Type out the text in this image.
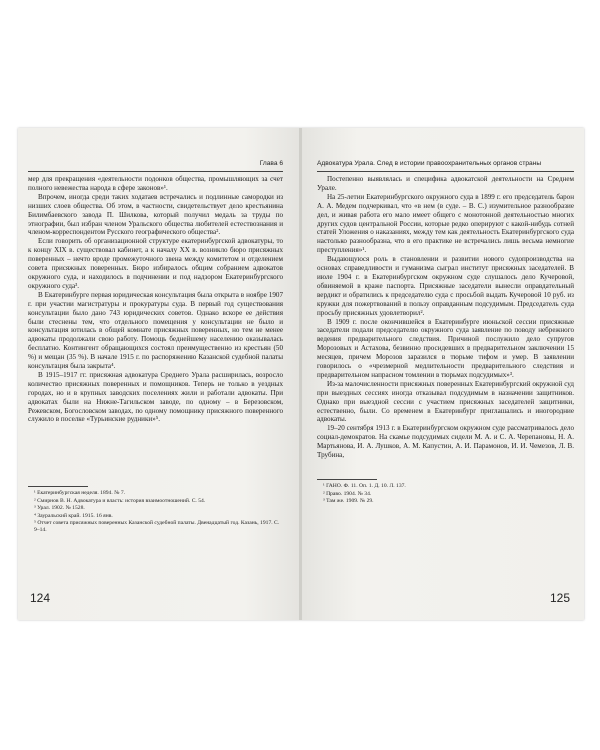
Глава 6

мер для прекращения «деятельности подонков общества, промышляющих за счет полного невежества народа в сфере законов»¹.

Впрочем, иногда среди таких ходатаев встречались и подлинные самородки из низших слоев общества. Об этом, в частности, свидетельствует дело крестьянина Билимбаевского завода П. Шилкова, который получил медаль за труды по этнографии, был избран членом Уральского общества любителей естествознания и членом-корреспондентом Русского географического общества².

Если говорить об организационной структуре екатеринбургской адвокатуры, то к концу XIX в. существовал кабинет, а к началу XX в. возникло бюро присяжных поверенных – нечто вроде промежуточного звена между комитетом и отделением совета присяжных поверенных. Бюро избиралось общим собранием адвокатов окружного суда, и находилось в подчинении и под надзором Екатеринбургского окружного суда³.

В Екатеринбурге первая юридическая консультация была открыта в ноябре 1907 г. при участии магистратуры и прокуратуры суда. В первый год существования консультации было дано 743 юридических советов. Однако вскоре ее действия были стеснены тем, что отдельного помещения у консультации не было и консультация ютилась в общей комнате присяжных поверенных, но тем не менее адвокаты продолжали свою работу. Помощь беднейшему населению оказывалась бесплатно. Контингент обращающихся состоял преимущественно из крестьян (50 %) и мещан (35 %). В начале 1915 г. по распоряжению Казанской судебной палаты консультация была закрыта⁴.

В 1915–1917 гг. присяжная адвокатура Среднего Урала расширилась, возросло количество присяжных поверенных и помощников. Теперь не только в уездных городах, но и в крупных заводских поселениях жили и работали адвокаты. При адвокатах были на Нижне-Тагильском заводе, по одному – в Березовском, Режевском, Богословском заводах, по одному помощнику присяжного поверенного служило в поселке «Турьинские рудники»⁵.

¹ Екатеринбургская неделя. 1894. № 7.

² Смирнов В. Н. Адвокатура и власть: история взаимоотношений. С. 54.

³ Урал. 1902. № 1528.

⁴ Зауральский край. 1915. 16 янв.

⁵ Отчет совета присяжных поверенных Казанской судебной палаты. Двенадцатый год. Казань, 1917. С. 9–14.

124
Адвокатура Урала. След в истории правоохранительных органов страны

Постепенно выявлялась и специфика адвокатской деятельности на Среднем Урале.

На 25-летии Екатеринбургского окружного суда в 1899 г. его председатель барон А. А. Медем подчеркивал, что «в нем (в суде. – В. С.) изумительное разнообразие дел, и живая работа его мало имеет общего с монотонной деятельностью многих других судов центральной России, которые редко оперируют с какой-нибудь сотней статей Уложения о наказаниях, между тем как деятельность Екатеринбургского суда настолько разнообразна, что в его практике не встречались лишь весьма немногие преступления»¹.

Выдающуюся роль в становлении и развитии нового судопроизводства на основах справедливости и гуманизма сыграл институт присяжных заседателей. В июле 1904 г. в Екатеринбургском окружном суде слушалось дело Кучеровой, обвиняемой в краже паспорта. Присяжные заседатели вынесли оправдательный вердикт и обратились к председателю суда с просьбой выдать Кучеровой 10 руб. из кружки для пожертвований в пользу оправданным подсудимым. Председатель суда просьбу присяжных удовлетворил².

В 1909 г. после окончившейся в Екатеринбурге июньской сессии присяжные заседатели подали председателю окружного суда заявление по поводу небрежного ведения предварительного следствия. Причиной послужило дело супругов Морозовых и Астахова, безвинно просидевших в предварительном заключении 15 месяцев, причем Морозов заразился в тюрьме тифом и умер. В заявлении говорилось о «чрезмерной медлительности предварительного следствия и предварительном напрасном томлении в тюрьмах подсудимых»³.

Из-за малочисленности присяжных поверенных Екатеринбургский окружной суд при выездных сессиях иногда отказывал подсудимым в назначении защитников. Однако при выездной сессии с участием присяжных заседателей защитники, естественно, были. Со временем в Екатеринбург приглашались и иногородние адвокаты.

19–20 сентября 1913 г. в Екатеринбургском окружном суде рассматривалось дело социал-демократов. На скамье подсудимых сидели М. А. и С. А. Черепановы, Н. А. Мартьянова, И. А. Лушков, А. М. Капустин, А. И. Парамонов, И. И. Чемезов, Л. В. Трубина,

¹ ГАНО. Ф. 11. Оп. 1. Д. 10. Л. 137.

² Право. 1904. № 34.

³ Там же. 1909. № 29.

125
